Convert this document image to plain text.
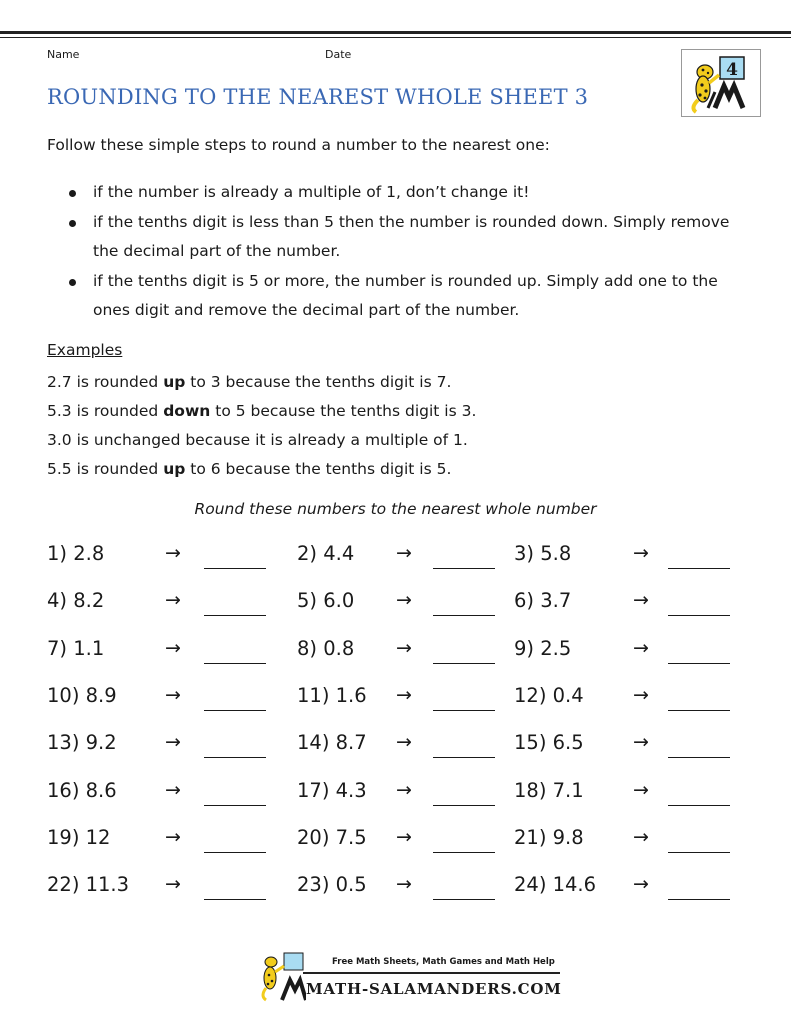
Name	Date
ROUNDING TO THE NEAREST WHOLE SHEET 3
4
Follow these simple steps to round a number to the nearest one:
if the number is already a multiple of 1, don’t change it!
if the tenths digit is less than 5 then the number is rounded down. Simply remove the decimal part of the number.
if the tenths digit is 5 or more, the number is rounded up. Simply add one to the ones digit and remove the decimal part of the number.
Examples
2.7 is rounded up to 3 because the tenths digit is 7.
5.3 is rounded down to 5 because the tenths digit is 3.
3.0 is unchanged because it is already a multiple of 1.
5.5 is rounded up to 6 because the tenths digit is 5.
Round these numbers to the nearest whole number
1) 2.8	→	2) 4.4 →	3) 5.8	→
4) 8.2	→	5) 6.0 →	6) 3.7	→
7) 1.1	→	8) 0.8 →	9) 2.5	→
10) 8.9	→	11) 1.6 →	12) 0.4	→
13) 9.2	→	14) 8.7 →	15) 6.5	→
16) 8.6	→	17) 4.3 →	18) 7.1	→
19) 12	→	20) 7.5 →	21) 9.8	→
22) 11.3 →	23) 0.5 →	24) 14.6 →
Free Math Sheets, Math Games and Math Help
MATH-SALAMANDERS.COM
